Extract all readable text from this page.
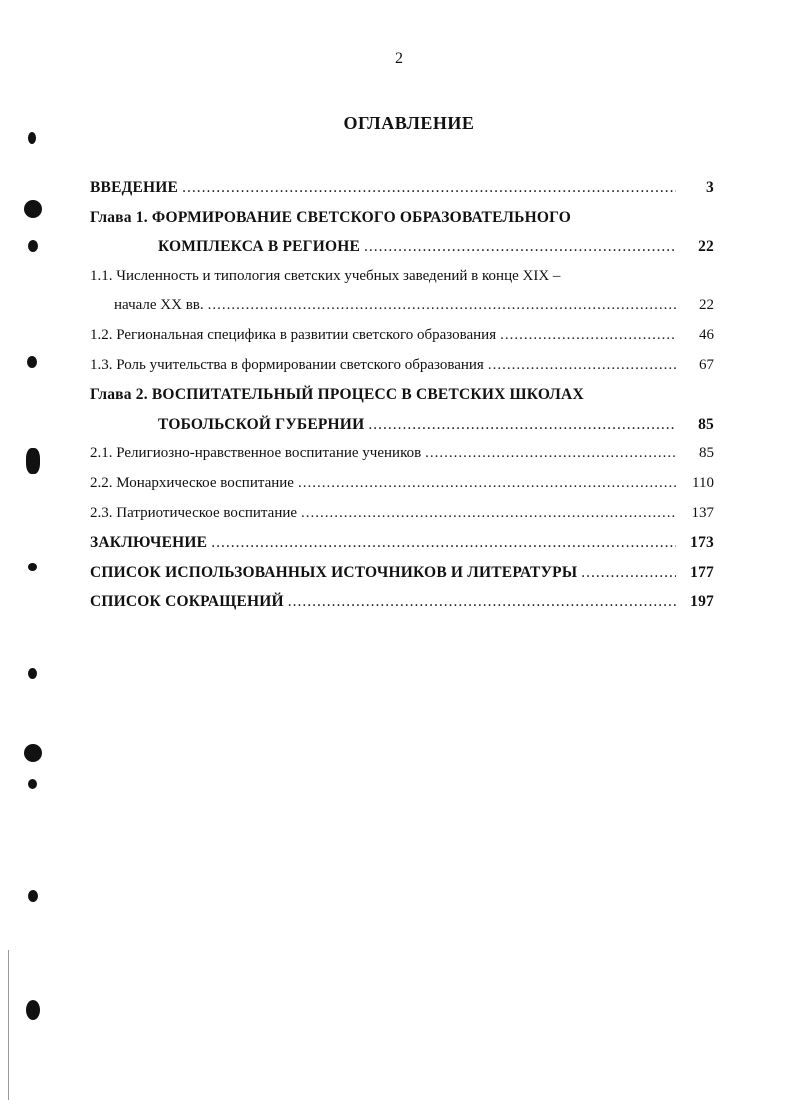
2
ОГЛАВЛЕНИЕ
ВВЕДЕНИЕ .....	3
Глава 1. ФОРМИРОВАНИЕ СВЕТСКОГО ОБРАЗОВАТЕЛЬНОГО
КОМПЛЕКСА В РЕГИОНЕ .....	22
1.1. Численность и типология светских учебных заведений в конце XIX –
начале XX вв. .....	22
1.2. Региональная специфика в развитии светского образования .....	46
1.3. Роль учительства в формировании светского образования .....	67
Глава 2. ВОСПИТАТЕЛЬНЫЙ ПРОЦЕСС В СВЕТСКИХ ШКОЛАХ
ТОБОЛЬСКОЙ ГУБЕРНИИ .....	85
2.1. Религиозно-нравственное воспитание учеников .....	85
2.2. Монархическое воспитание .....	110
2.3. Патриотическое воспитание .....	137
ЗАКЛЮЧЕНИЕ .....	173
СПИСОК ИСПОЛЬЗОВАННЫХ ИСТОЧНИКОВ И ЛИТЕРАТУРЫ .....	177
СПИСОК СОКРАЩЕНИЙ .....	197
